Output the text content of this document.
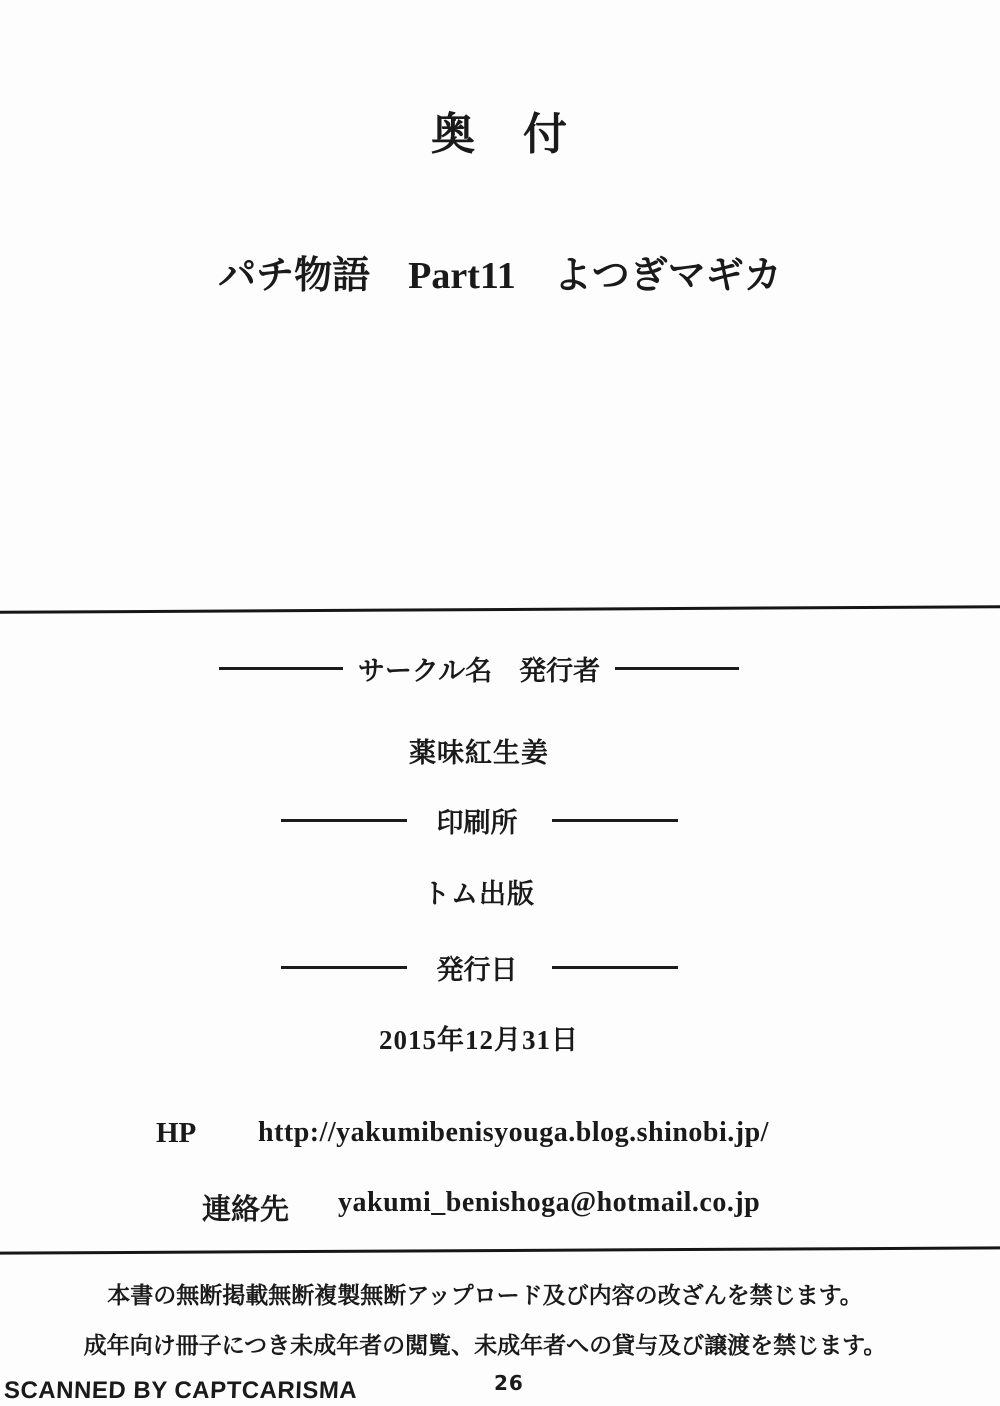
奥　付
パチ物語　Part11　よつぎマギカ
サークル名　発行者
薬味紅生姜
印刷所
トム出版
発行日
2015年12月31日
HP http://yakumibenisyouga.blog.shinobi.jp/
連絡先 yakumi_benishoga@hotmail.co.jp
本書の無断掲載無断複製無断アップロード及び内容の改ざんを禁じます。
成年向け冊子につき未成年者の閲覧、未成年者への貸与及び譲渡を禁じます。
SCANNED BY CAPTCARISMA	26
